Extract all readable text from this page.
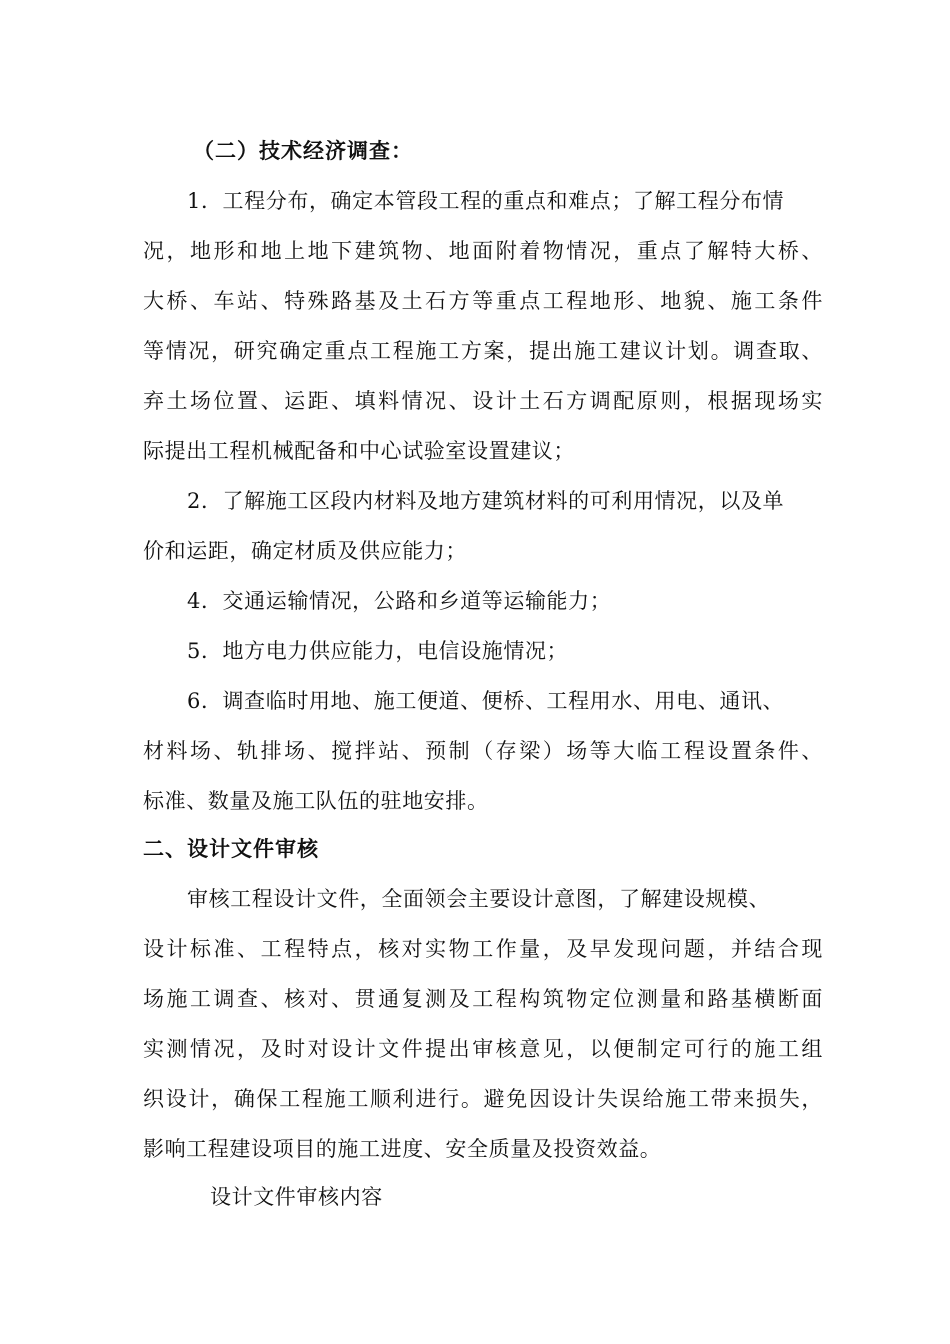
（二）技术经济调查：
1．工程分布，确定本管段工程的重点和难点；了解工程分布情
况，地形和地上地下建筑物、地面附着物情况，重点了解特大桥、
大桥、车站、特殊路基及土石方等重点工程地形、地貌、施工条件
等情况，研究确定重点工程施工方案，提出施工建议计划。调查取、
弃土场位置、运距、填料情况、设计土石方调配原则，根据现场实
际提出工程机械配备和中心试验室设置建议；
2．了解施工区段内材料及地方建筑材料的可利用情况，以及单
价和运距，确定材质及供应能力；
4．交通运输情况，公路和乡道等运输能力；
5．地方电力供应能力，电信设施情况；
6．调查临时用地、施工便道、便桥、工程用水、用电、通讯、
材料场、轨排场、搅拌站、预制（存梁）场等大临工程设置条件、
标准、数量及施工队伍的驻地安排。
二、设计文件审核
审核工程设计文件，全面领会主要设计意图，了解建设规模、
设计标准、工程特点，核对实物工作量，及早发现问题，并结合现
场施工调查、核对、贯通复测及工程构筑物定位测量和路基横断面
实测情况，及时对设计文件提出审核意见，以便制定可行的施工组
织设计，确保工程施工顺利进行。避免因设计失误给施工带来损失，
影响工程建设项目的施工进度、安全质量及投资效益。
设计文件审核内容
